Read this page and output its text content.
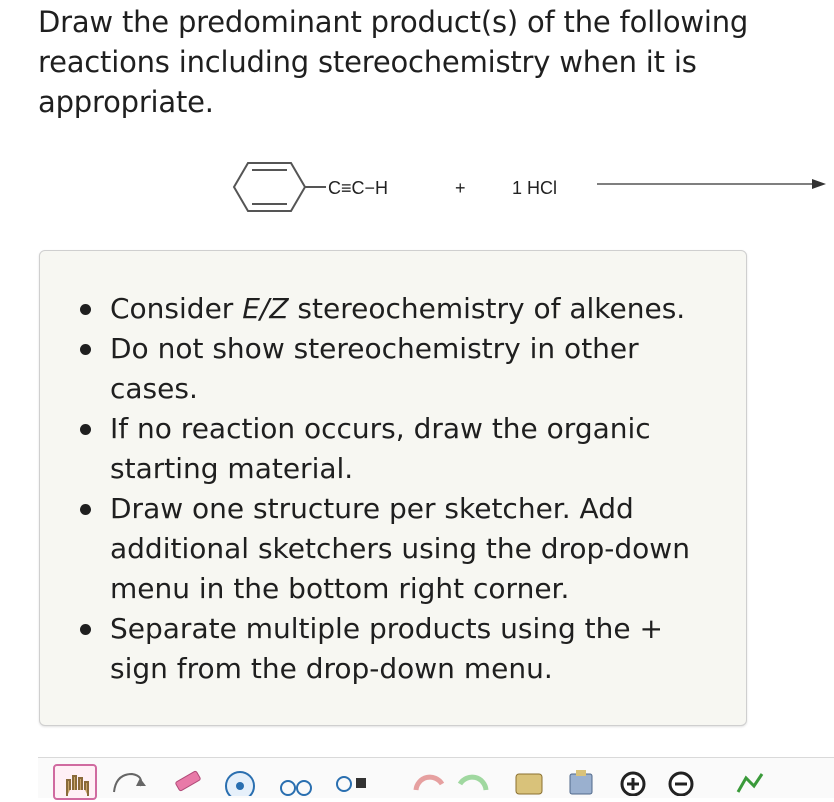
Draw the predominant product(s) of the following reactions including stereochemistry when it is appropriate.
C≡C−H	+	1 HCl
Consider E/Z stereochemistry of alkenes.
Do not show stereochemistry in other cases.
If no reaction occurs, draw the organic starting material.
Draw one structure per sketcher. Add additional sketchers using the drop-down menu in the bottom right corner.
Separate multiple products using the + sign from the drop-down menu.
